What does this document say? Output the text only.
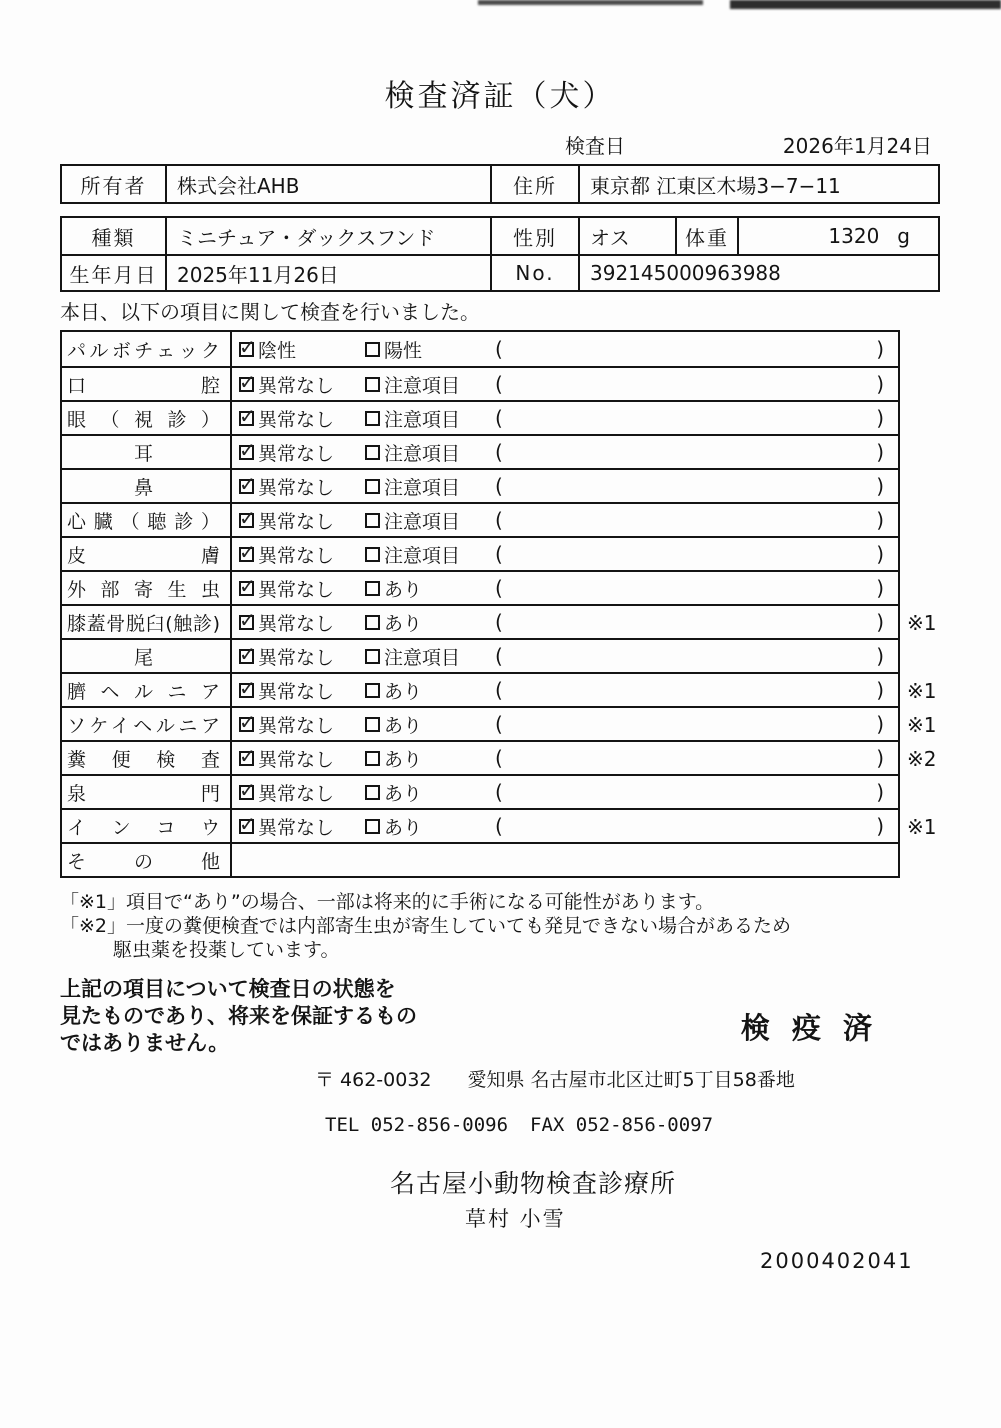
検査済証（犬）
検査日	2026年1月24日
所有者	株式会社AHB	住所	東京都 江東区木場3−7−11
種類	ミニチュア・ダックスフンド	性別	オス	体重	1320 g
生年月日 2025年11月26日	No.	392145000963988
本日、以下の項目に関して検査を行いました。
パルボチェック ✓ 陰性	陽性	(	)
口腔 ✓ 異常なし	注意項目 (	)
眼（視診） ✓ 異常なし	注意項目 (	)
耳	✓ 異常なし	注意項目 (	)
鼻	✓ 異常なし	注意項目 (	)
心臓（聴診） ✓ 異常なし	注意項目 (	)
皮膚 ✓ 異常なし	注意項目 (	)
外部寄生虫 ✓ 異常なし	あり	(	)
膝蓋骨脱臼(触診) ✓ 異常なし	あり	(	) ※1
尾	✓ 異常なし	注意項目 (	)
臍ヘルニア ✓ 異常なし	あり	(	) ※1
ソケイヘルニア ✓ 異常なし	あり	(	) ※1
糞便検査 ✓ 異常なし	あり	(	) ※2
泉門 ✓ 異常なし	あり	(	)
インコウ ✓ 異常なし	あり	(	) ※1
その他
「※1」項目で“あり”の場合、一部は将来的に手術になる可能性があります。
「※2」一度の糞便検査では内部寄生虫が寄生していても発見できない場合があるため
駆虫薬を投薬しています。
上記の項目について検査日の状態を
見たものであり、将来を保証するもの
ではありません。	検 疫 済
〒 462-0032 愛知県 名古屋市北区辻町5丁目58番地
TEL 052-856-0096 FAX 052-856-0097
名古屋小動物検査診療所
草村 小雪
2000402041
